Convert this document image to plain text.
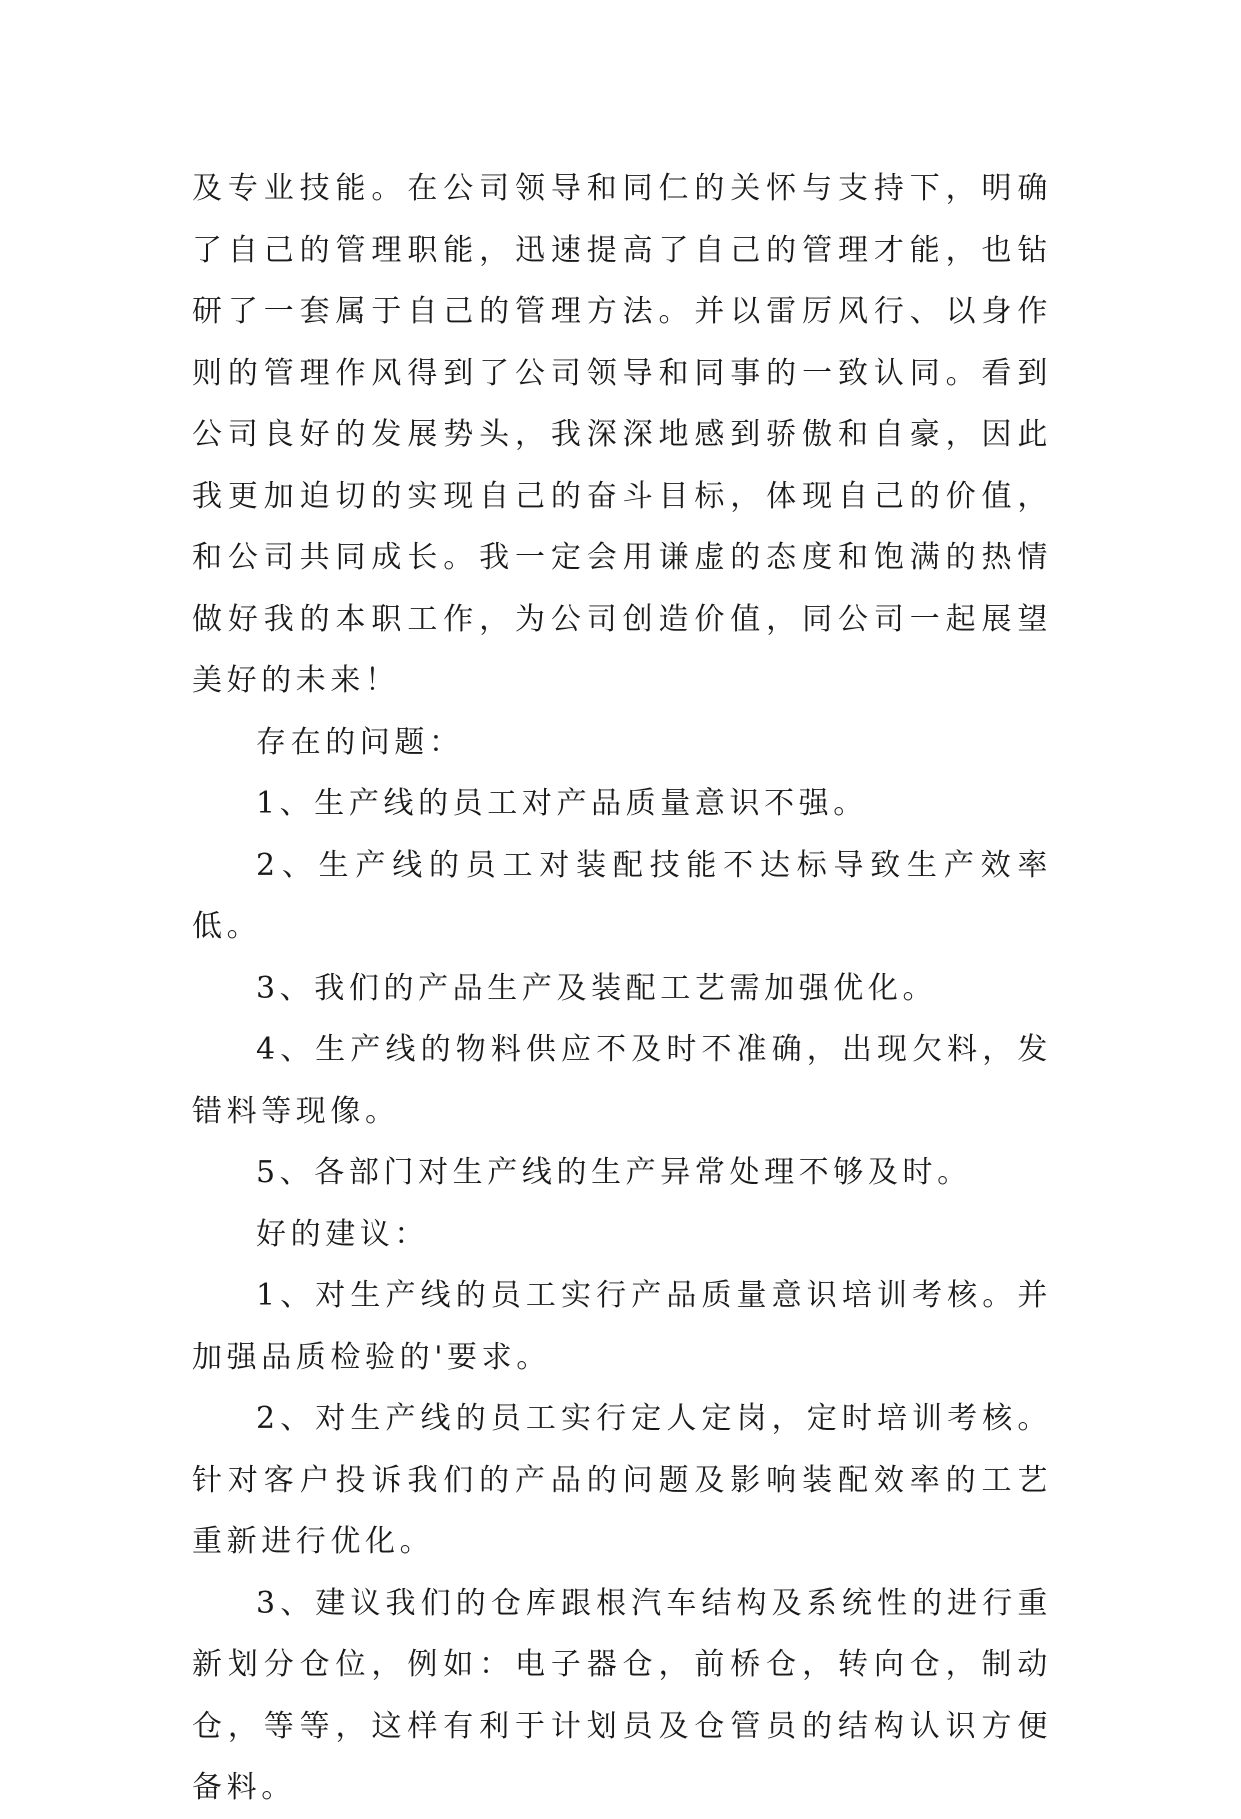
及专业技能。在公司领导和同仁的关怀与支持下，明确了自己的管理职能，迅速提高了自己的管理才能，也钻研了一套属于自己的管理方法。并以雷厉风行、以身作则的管理作风得到了公司领导和同事的一致认同。看到公司良好的发展势头，我深深地感到骄傲和自豪，因此我更加迫切的实现自己的奋斗目标，体现自己的价值，和公司共同成长。我一定会用谦虚的态度和饱满的热情做好我的本职工作，为公司创造价值，同公司一起展望美好的未来！

存在的问题：

1、生产线的员工对产品质量意识不强。

2、生产线的员工对装配技能不达标导致生产效率低。

3、我们的产品生产及装配工艺需加强优化。

4、生产线的物料供应不及时不准确，出现欠料，发错料等现像。

5、各部门对生产线的生产异常处理不够及时。

好的建议：

1、对生产线的员工实行产品质量意识培训考核。并加强品质检验的'要求。

2、对生产线的员工实行定人定岗，定时培训考核。针对客户投诉我们的产品的问题及影响装配效率的工艺重新进行优化。

3、建议我们的仓库跟根汽车结构及系统性的进行重新划分仓位，例如：电子器仓，前桥仓，转向仓，制动仓，等等，这样有利于计划员及仓管员的结构认识方便备料。
